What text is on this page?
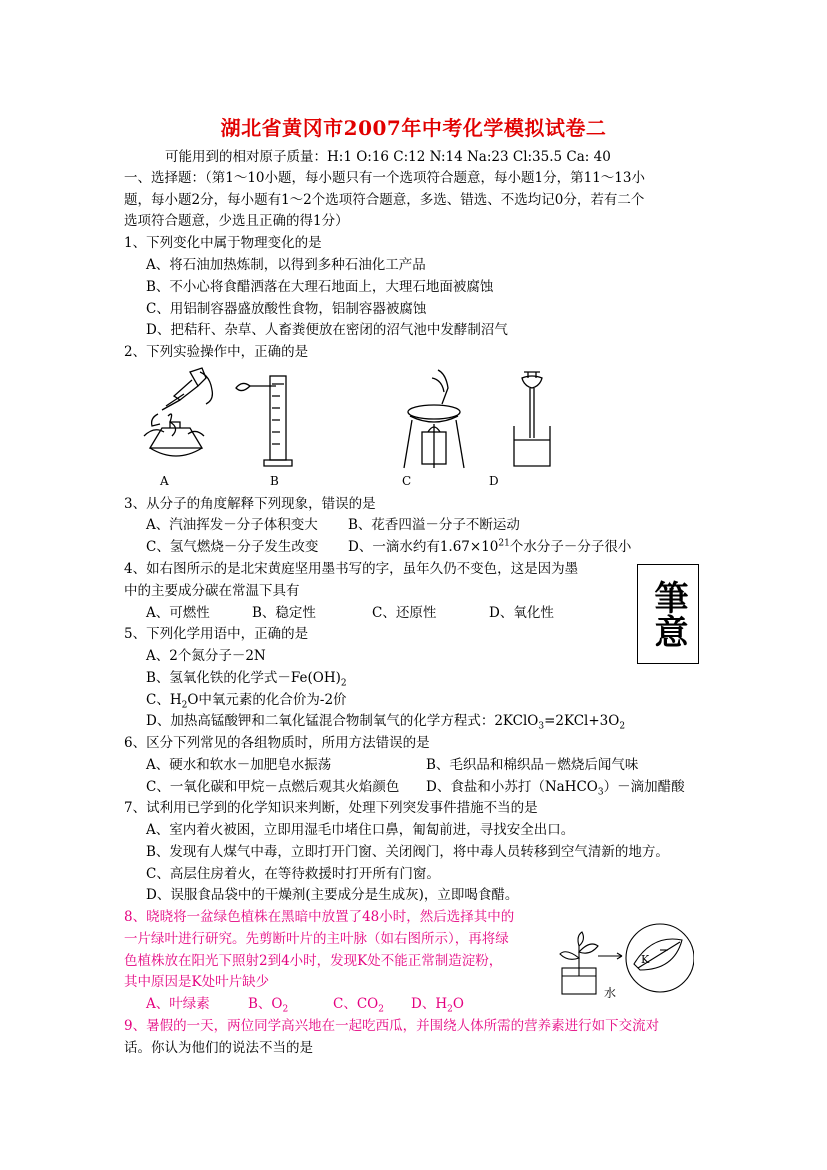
湖北省黄冈市2007年中考化学模拟试卷二
可能用到的相对原子质量：H:1 O:16 C:12 N:14 Na:23 Cl:35.5 Ca: 40
一、选择题：（第1～10小题，每小题只有一个选项符合题意，每小题1分，第11～13小
题，每小题2分，每小题有1～2个选项符合题意，多选、错选、不选均记0分，若有二个
选项符合题意，少选且正确的得1分）
1、下列变化中属于物理变化的是
A、将石油加热炼制，以得到多种石油化工产品
B、不小心将食醋洒落在大理石地面上，大理石地面被腐蚀
C、用铝制容器盛放酸性食物，铝制容器被腐蚀
D、把秸秆、杂草、人畜粪便放在密闭的沼气池中发酵制沼气
2、下列实验操作中，正确的是
A	B	C	D
3、从分子的角度解释下列现象，错误的是
A、汽油挥发－分子体积变大 B、花香四溢－分子不断运动
C、氢气燃烧－分子发生改变 D、一滴水约有$1.67\times 10^{21}$个水分子－分子很小
4、如右图所示的是北宋黄庭坚用墨书写的字，虽年久仍不变色，这是因为墨
中的主要成分碳在常温下具有
A、可燃性	B、稳定性	C、还原性	D、氧化性	筆意
5、下列化学用语中，正确的是
A、2个氮分子－2N
B、氢氧化铁的化学式$-Fe(OH)_2$
C、$H_2O$中氧元素的化合价为-2价
D、加热高锰酸钾和二氧化锰混合物制氧气的化学方程式：$2KClO_3=2KCl+3O_2$
6、区分下列常见的各组物质时，所用方法错误的是
A、硬水和软水－加肥皂水振荡	B、毛织品和棉织品－燃烧后闻气味
C、一氧化碳和甲烷－点燃后观其火焰颜色 D、食盐和小苏打（NaHCO$_3$）－滴加醋酸
7、试利用已学到的化学知识来判断，处理下列突发事件措施不当的是
A、室内着火被困，立即用湿毛巾堵住口鼻，匍匐前进，寻找安全出口。
B、发现有人煤气中毒，立即打开门窗、关闭阀门，将中毒人员转移到空气清新的地方。
C、高层住房着火，在等待救援时打开所有门窗。
D、误服食品袋中的干燥剂(主要成分是生成灰)，立即喝食醋。
8、晓晓将一盆绿色植株在黑暗中放置了48小时，然后选择其中的
一片绿叶进行研究。先剪断叶片的主叶脉（如右图所示），再将绿
色植株放在阳光下照射2到4小时，发现K处不能正常制造淀粉，
其中原因是K处叶片缺少
A、叶绿素	B、$O_2$	C、$CO_2$ D、$H_2O$
K
水
9、暑假的一天，两位同学高兴地在一起吃西瓜，并围绕人体所需的营养素进行如下交流对
话。你认为他们的说法不当的是
